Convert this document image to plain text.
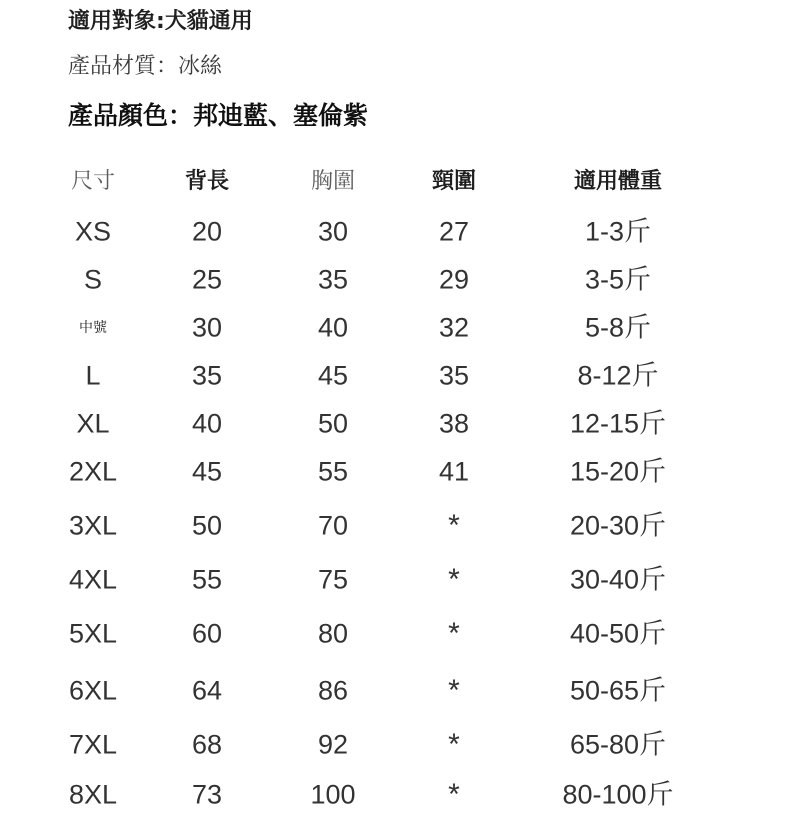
適用對象:犬貓通用

產品材質：冰絲

產品顏色：邦迪藍、塞倫紫

尺寸	背長	胸圍	頸圍	適用體重
XS	20	30	27	1-3斤
S	25	35	29	3-5斤
中號	30	40	32	5-8斤
L	35	45	35	8-12斤
XL	40	50	38	12-15斤
2XL	45	55	41	15-20斤
3XL	50	70	*	20-30斤
4XL	55	75	*	30-40斤
5XL	60	80	*	40-50斤
6XL	64	86	*	50-65斤
7XL	68	92	*	65-80斤
8XL	73	100	*	80-100斤
